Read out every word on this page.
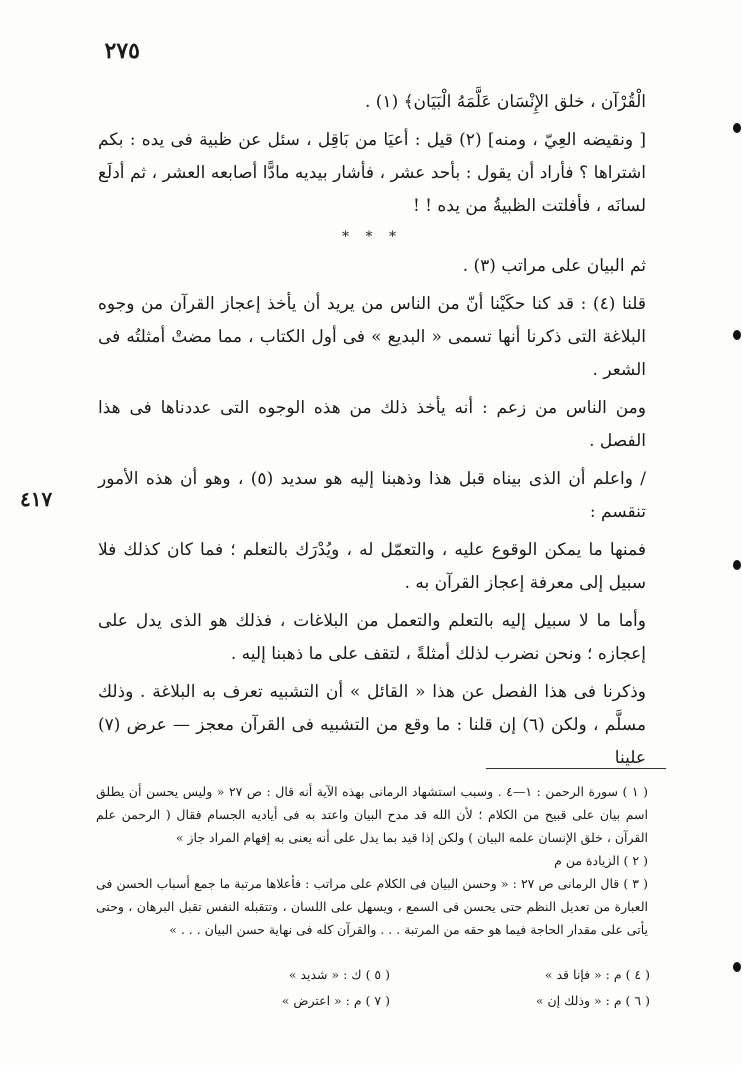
٢٧٥
٤١٧

الْقُرْآن ، خلق الإِنْسَان عَلَّمَهُ الْبَيَان﴾ (١) .

[ ونقيضه العِيّ ، ومنه] (٢) قيل : أعيَا من بَاقِل ، سئل عن ظبية فى يده : بكم اشتراها ؟ فأراد أن يقول : بأحد عشر ، فأشار بيديه مادًّا أصابعه العشر ، ثم أدلَع لسانَه ، فأفلتت الظبيةُ من يده ! !

* * *

ثم البيان على مراتب (٣) .

قلنا (٤) : قد كنا حكَيْنا أنّ من الناس من يريد أن يأخذ إعجاز القرآن من وجوه البلاغة التى ذكرنا أنها تسمى « البديع » فى أول الكتاب ، مما مضتْ أمثلتُه فى الشعر .

ومن الناس من زعم : أنه يأخذ ذلك من هذه الوجوه التى عددناها فى هذا الفصل .

/ واعلم أن الذى بيناه قبل هذا وذهبنا إليه هو سديد (٥) ، وهو أن هذه الأمور تنقسم :

فمنها ما يمكن الوقوع عليه ، والتعمّل له ، ويُدْرَك بالتعلم ؛ فما كان كذلك فلا سبيل إلى معرفة إعجاز القرآن به .

وأما ما لا سبيل إليه بالتعلم والتعمل من البلاغات ، فذلك هو الذى يدل على إعجازه ؛ ونحن نضرب لذلك أمثلةً ، لتقف على ما ذهبنا إليه .

وذكرنا فى هذا الفصل عن هذا « القائل » أن التشبيه تعرف به البلاغة . وذلك مسلَّم ، ولكن (٦) إن قلنا : ما وقع من التشبيه فى القرآن معجز — عرض (٧) علينا

( ١ ) سورة الرحمن : ١—٤ . وسبب استشهاد الرمانى بهذه الآية أنه قال : ص ٢٧ « وليس يحسن أن يطلق اسم بيان على قبيح من الكلام ؛ لأن الله قد مدح البيان واعتد به فى أياديه الجسام فقال ( الرحمن علم القرآن ، خلق الإنسان علمه البيان ) ولكن إذا قيد بما يدل على أنه يعنى به إفهام المراد جاز »

( ٢ ) الزيادة من م

( ٣ ) قال الرمانى ص ٢٧ : « وحسن البيان فى الكلام على مراتب : فأعلاها مرتبة ما جمع أسباب الحسن فى العبارة من تعديل النظم حتى يحسن فى السمع ، ويسهل على اللسان ، وتتقبله النفس تقبل البرهان ، وحتى يأتى على مقدار الحاجة فيما هو حقه من المرتبة . . . والقرآن كله فى نهاية حسن البيان . . . »

( ٤ ) م : « فإنا قد »
( ٥ ) ك : « شديد »
( ٦ ) م : « وذلك إن »
( ٧ ) م : « اعترض »
